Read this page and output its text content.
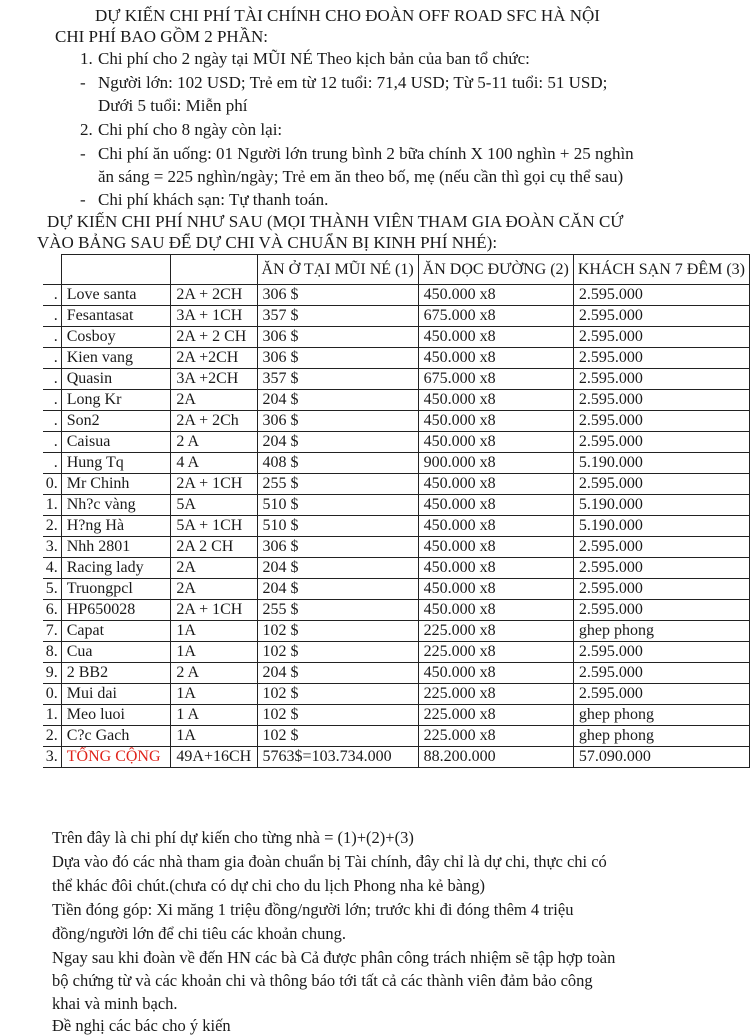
DỰ KIẾN CHI PHÍ TÀI CHÍNH CHO ĐOÀN OFF ROAD SFC HÀ NỘI
CHI PHÍ BAO GỒM 2 PHẦN:
1. Chi phí cho 2 ngày tại MŨI NÉ Theo kịch bản của ban tổ chức:
- Người lớn: 102 USD; Trẻ em từ 12 tuổi: 71,4 USD; Từ 5-11 tuổi: 51 USD;
Dưới 5 tuổi: Miễn phí
2. Chi phí cho 8 ngày còn lại:
- Chi phí ăn uống: 01 Người lớn trung bình 2 bữa chính X 100 nghìn + 25 nghìn
ăn sáng = 225 nghìn/ngày; Trẻ em ăn theo bố, mẹ (nếu cần thì gọi cụ thể sau)
- Chi phí khách sạn: Tự thanh toán.
DỰ KIẾN CHI PHÍ NHƯ SAU (MỌI THÀNH VIÊN THAM GIA ĐOÀN CĂN CỨ
VÀO BẢNG SAU ĐỂ DỰ CHI VÀ CHUẨN BỊ KINH PHÍ NHÉ):
			ĂN Ở TẠI MŨI NÉ (1)	ĂN DỌC ĐƯỜNG (2)	KHÁCH SẠN 7 ĐÊM (3)
.	Love santa	2A + 2CH	306 $	450.000 x8	2.595.000
.	Fesantasat	3A + 1CH	357 $	675.000 x8	2.595.000
.	Cosboy	2A + 2 CH	306 $	450.000 x8	2.595.000
.	Kien vang	2A +2CH	306 $	450.000 x8	2.595.000
.	Quasin	3A +2CH	357 $	675.000 x8	2.595.000
.	Long Kr	2A	204 $	450.000 x8	2.595.000
.	Son2	2A + 2Ch	306 $	450.000 x8	2.595.000
.	Caisua	2 A	204 $	450.000 x8	2.595.000
.	Hung Tq	4 A	408 $	900.000 x8	5.190.000
0.	Mr Chinh	2A + 1CH	255 $	450.000 x8	2.595.000
1.	Nh?c vàng	5A	510 $	450.000 x8	5.190.000
2.	H?ng Hà	5A + 1CH	510 $	450.000 x8	5.190.000
3.	Nhh 2801	2A 2 CH	306 $	450.000 x8	2.595.000
4.	Racing lady	2A	204 $	450.000 x8	2.595.000
5.	Truongpcl	2A	204 $	450.000 x8	2.595.000
6.	HP650028	2A + 1CH	255 $	450.000 x8	2.595.000
7.	Capat	1A	102 $	225.000 x8	ghep phong
8.	Cua	1A	102 $	225.000 x8	2.595.000
9.	2 BB2	2 A	204 $	450.000 x8	2.595.000
0.	Mui dai	1A	102 $	225.000 x8	2.595.000
1.	Meo luoi	1 A	102 $	225.000 x8	ghep phong
2.	C?c Gach	1A	102 $	225.000 x8	ghep phong
3.	TỔNG CỘNG	49A+16CH	5763$=103.734.000	88.200.000	57.090.000
Trên đây là chi phí dự kiến cho từng nhà = (1)+(2)+(3)
Dựa vào đó các nhà tham gia đoàn chuẩn bị Tài chính, đây chỉ là dự chi, thực chi có
thể khác đôi chút.(chưa có dự chi cho du lịch Phong nha kẻ bàng)
Tiền đóng góp: Xi măng 1 triệu đồng/người lớn; trước khi đi đóng thêm 4 triệu
đồng/người lớn để chi tiêu các khoản chung.
Ngay sau khi đoàn về đến HN các bà Cả được phân công trách nhiệm sẽ tập hợp toàn
bộ chứng từ và các khoản chi và thông báo tới tất cả các thành viên đảm bảo công
khai và minh bạch.
Đề nghị các bác cho ý kiến
